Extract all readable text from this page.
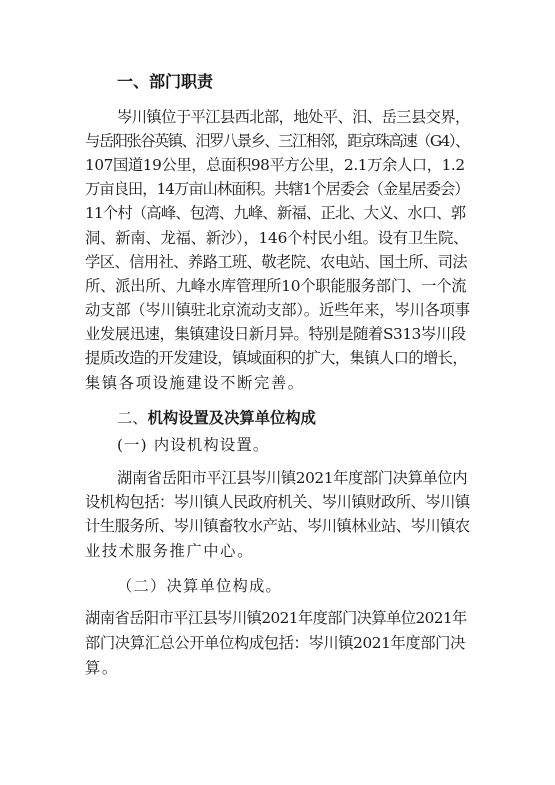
一、部门职责
岑川镇位于平江县西北部，地处平、汨、岳三县交界，
与岳阳张谷英镇、汨罗八景乡、三江相邻，距京珠高速（G4）、
107国道19公里，总面积98平方公里，2.1万余人口，1.2
万亩良田，14万亩山林面积。共辖1个居委会（金星居委会）
11个村（高峰、包湾、九峰、新福、正北、大义、水口、郭
洞、新南、龙福、新沙），146个村民小组。设有卫生院、
学区、信用社、养路工班、敬老院、农电站、国土所、司法
所、派出所、九峰水库管理所10个职能服务部门、一个流
动支部（岑川镇驻北京流动支部）。近些年来，岑川各项事
业发展迅速，集镇建设日新月异。特别是随着S313岑川段
提质改造的开发建设，镇域面积的扩大，集镇人口的增长，
集镇各项设施建设不断完善。
二、机构设置及决算单位构成
(一) 内设机构设置。
湖南省岳阳市平江县岑川镇2021年度部门决算单位内
设机构包括：岑川镇人民政府机关、岑川镇财政所、岑川镇
计生服务所、岑川镇畜牧水产站、岑川镇林业站、岑川镇农
业技术服务推广中心。
（二）决算单位构成。
湖南省岳阳市平江县岑川镇2021年度部门决算单位2021年
部门决算汇总公开单位构成包括：岑川镇2021年度部门决
算。
